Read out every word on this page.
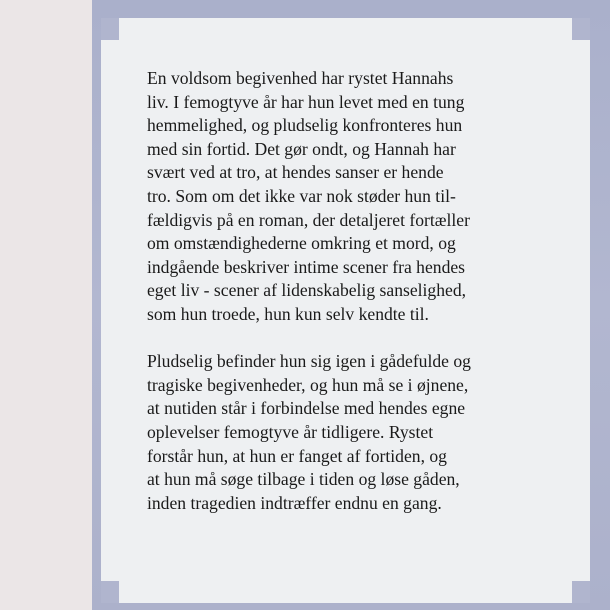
En voldsom begivenhed har rystet Hannahs
liv. I femogtyve år har hun levet med en tung
hemmelighed, og pludselig konfronteres hun
med sin fortid. Det gør ondt, og Hannah har
svært ved at tro, at hendes sanser er hende
tro. Som om det ikke var nok støder hun til-
fældigvis på en roman, der detaljeret fortæller
om omstændighederne omkring et mord, og
indgående beskriver intime scener fra hendes
eget liv - scener af lidenskabelig sanselighed,
som hun troede, hun kun selv kendte til.
Pludselig befinder hun sig igen i gådefulde og
tragiske begivenheder, og hun må se i øjnene,
at nutiden står i forbindelse med hendes egne
oplevelser femogtyve år tidligere. Rystet
forstår hun, at hun er fanget af fortiden, og
at hun må søge tilbage i tiden og løse gåden,
inden tragedien indtræffer endnu en gang.
